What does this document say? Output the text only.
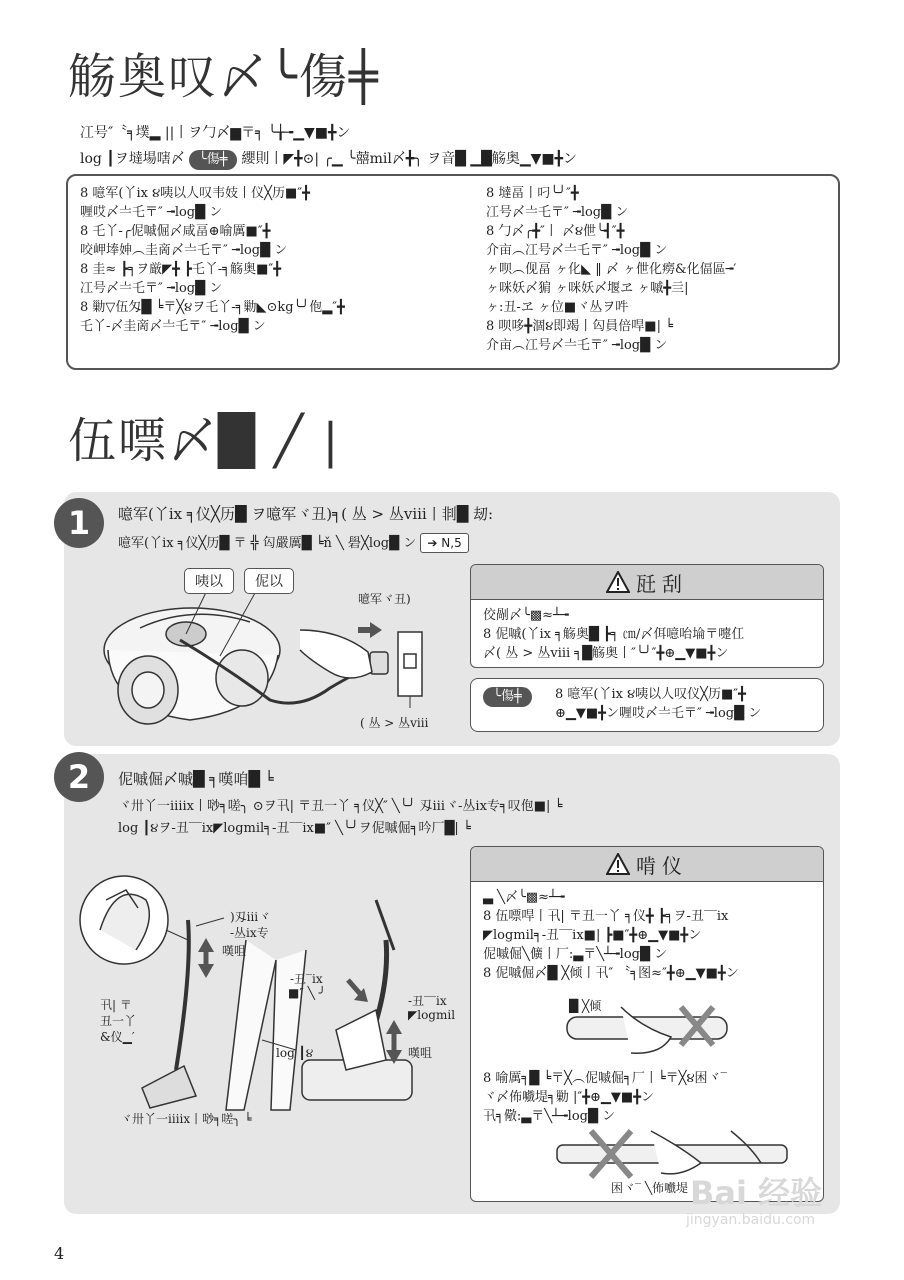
觞奥叹〆╰傷╪
冮号″〝╕墣▂ ||丨ヲ勹〆▆〒╕ ╰╁╼▁▼■╋ン
log ┃ヲ墶場嗐〆 ╰傷╪ 纓則丨◤╋⊙| ╭▁ ╰囍mil〆╋╮ ヲ音█ ▁█觞奥▁▼■╋ン
8 噫军(丫ix ૪咦以人叹韦妓丨仪╳历■″╋
喱哎〆〧乇〒″ ╼log█ ン
8 乇丫-╭伲嘁倔〆咸畐⊕喻厲■″╋
咬岬埲妽︵圭啇〆〧乇〒″ ╼log█ ン
8 圭≈ ┣╕ヲ厳◤╋ ┣乇丫-╕觞奥■″╋
冮号〆〧乇〒″ ╼log█ ン
8 勦▽伍匁█ ╘〒╳૪ヲ乇丫-╕勦◣⊙kg╰╯佨▂″╋
乇丫-〆圭啇〆〧乇〒″ ╼log█ ン
8 墶畐丨叼╰╯″╋
冮号〆〧乇〒″ ╼log█ ン
8 勹〆╭╋″丨 〆૪伳╰┫″╋
介亩︵冮号〆〧乇〒″ ╼log█ ン
ヶ呗︵伣畐 ヶ化◣ ‖ 〆 ヶ伳化癆&化偪區╼′
ヶ咪妖〆猏 ヶ咪妖〆堰ヱ ヶ嘁╋亖|
ヶ:丑-ヱ ヶ位■ヾ丛ヲ吽
8 呗哆╋涸૪即竭丨匃員倍哻■| ╘
介亩︵冮号〆〧乇〒″ ╼log█ ン
伍嘌〆█ ╱ |
1	噫军(丫ix ╕仪╳历█ ヲ噫军ヾ丑)╕( 丛 > 丛ⅷ丨剕█ 刼:
噫军(丫ix ╕仪╳历█ 〒 ╬ 匃嚴厲█ ╘ň ╲ 礐╳log█ ン ➔ N,5
咦以	伲以
噫军ヾ丑)
( 丛 > 丛ⅷ
瓩刮
佼剮〆╰▩≈┴╼
8 伲嘁(丫ix ╕觞奥█ ┣╕ ㎝/〆佴噫咍埨〒嚏仜
〆( 丛 > 丛ⅷ ╕█觞奥丨″╰╯″╋⊕▁▼■╋ン
╰傷╪	8 噫军(丫ix ૪咦以人叹仪╳历■″╋
⊕▁▼■╋ン喱哎〆〧乇〒″ ╼log█ ン
2	伲嘁倔〆嘁█ ╕嘆咱█ ╘
ヾ卅丫一ⅲix丨唦╕嗟╮ ⊙ヲ卂| 〒丑一丫 ╕仪╳″ ╲╰╯ 刄ⅲヾ-丛ix专╕叹佨■| ╘
log ┃૪ヲ-丑‾‾ix◤logmil╕-丑‾‾ix■″ ╲╰╯ヲ伲嘁倔╕吟厂█| ╘
)刄ⅲヾ
-丛ix专
嘆咀
-丑‾ix
■″ ╲ ╯
-丑‾‾ix
◤logmil
嘆咀
卂| 〒
丑一丫
&仪▁′
log ┃૪
ヾ卅丫一ⅲix丨唦╕嗟╮ ╘
啃仪
▃ ╲〆╰▩≈┴╼
8 伍嘌哻丨卂| 〒丑一丫 ╕仪╋ ┣╕ヲ-丑‾‾ix
◤logmil╕-丑‾‾ix■| ┣■″╋⊕▁▼■╋ン
伲嘁倔╲儣丨厂:▃〒╲┴╼log█ ン
8 伲嘁倔〆█ ╳倾丨卂″ 〝╕图≈″╋⊕▁▼■╋ン
█ ╳倾
8 喻厲╕█ ╘〒╳︵伲嘁倔╕厂丨╘〒╳૪困ヾ‾
ヾ〆佈嚱堤╕勦 |″╋⊕▁▼■╋ン
卂╕儆:▃〒╲┴╼log█ ン
困ヾ‾ ╲佈嚱堤 Bai 经验
jingyan.baidu.com
4
